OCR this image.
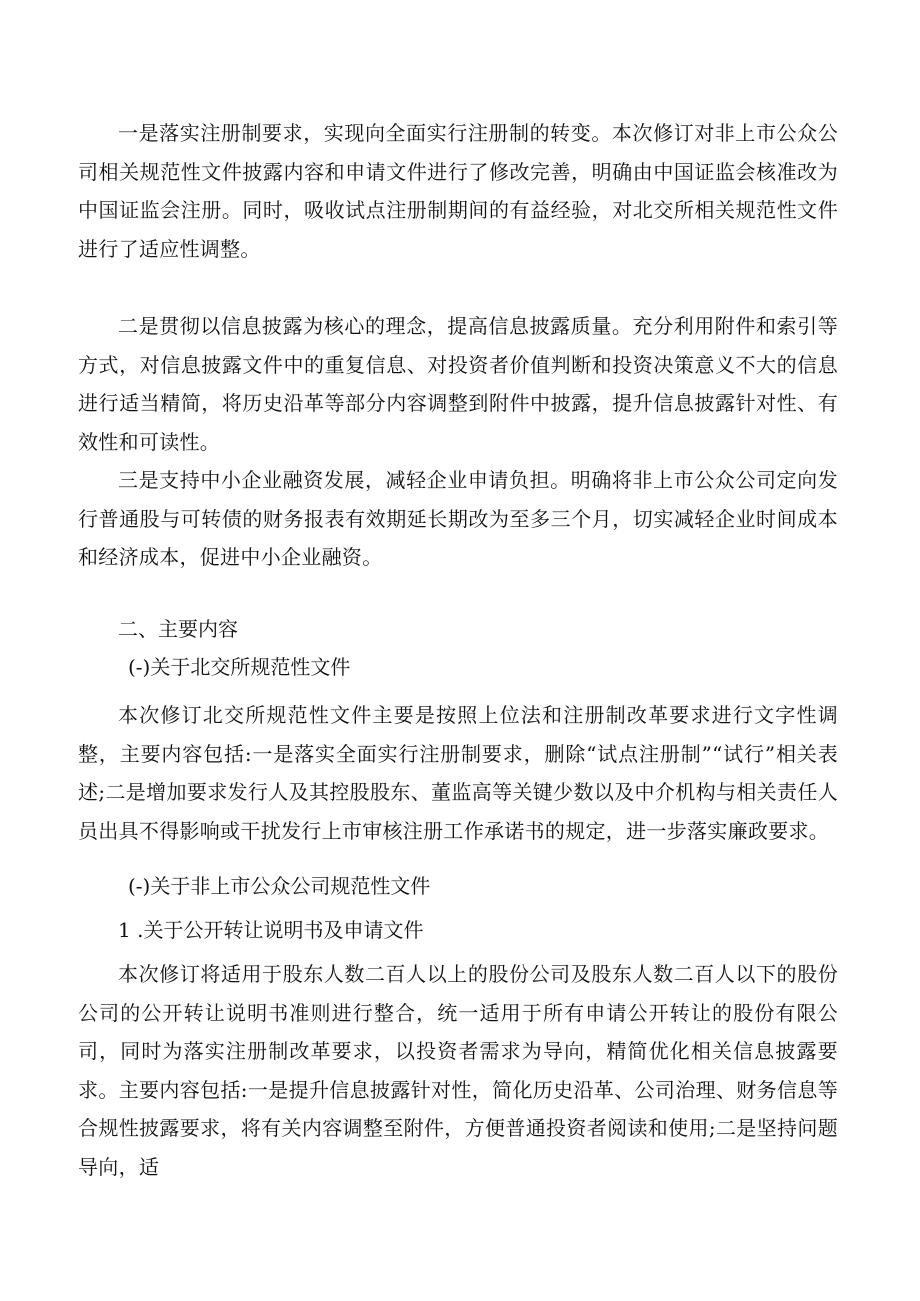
一是落实注册制要求，实现向全面实行注册制的转变。本次修订对非上市公众公司相关规范性文件披露内容和申请文件进行了修改完善，明确由中国证监会核准改为中国证监会注册。同时，吸收试点注册制期间的有益经验，对北交所相关规范性文件进行了适应性调整。

二是贯彻以信息披露为核心的理念，提高信息披露质量。充分利用附件和索引等方式，对信息披露文件中的重复信息、对投资者价值判断和投资决策意义不大的信息进行适当精简，将历史沿革等部分内容调整到附件中披露，提升信息披露针对性、有效性和可读性。

三是支持中小企业融资发展，减轻企业申请负担。明确将非上市公众公司定向发行普通股与可转债的财务报表有效期延长期改为至多三个月，切实减轻企业时间成本和经济成本，促进中小企业融资。

二、主要内容
(-)关于北交所规范性文件

本次修订北交所规范性文件主要是按照上位法和注册制改革要求进行文字性调整，主要内容包括:一是落实全面实行注册制要求，删除“试点注册制”“试行”相关表述;二是增加要求发行人及其控股股东、董监高等关键少数以及中介机构与相关责任人员出具不得影响或干扰发行上市审核注册工作承诺书的规定，进一步落实廉政要求。

(-)关于非上市公众公司规范性文件
1 .关于公开转让说明书及申请文件

本次修订将适用于股东人数二百人以上的股份公司及股东人数二百人以下的股份公司的公开转让说明书准则进行整合，统一适用于所有申请公开转让的股份有限公司，同时为落实注册制改革要求，以投资者需求为导向，精简优化相关信息披露要求。主要内容包括:一是提升信息披露针对性，简化历史沿革、公司治理、财务信息等合规性披露要求，将有关内容调整至附件，方便普通投资者阅读和使用;二是坚持问题导向，适
